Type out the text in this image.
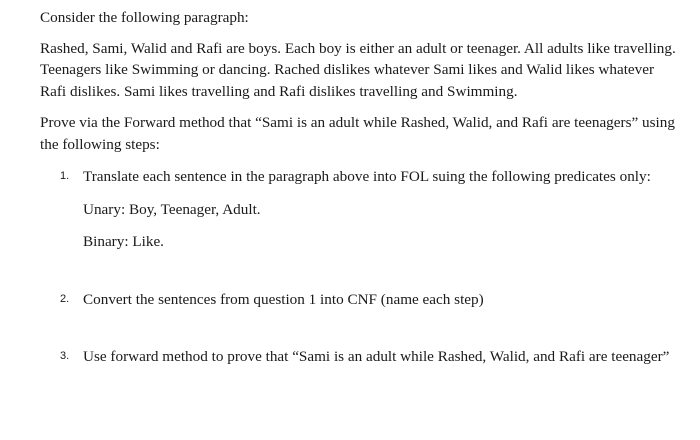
Consider the following paragraph:

Rashed, Sami, Walid and Rafi are boys. Each boy is either an adult or teenager. All adults like travelling. Teenagers like Swimming or dancing. Rached dislikes whatever Sami likes and Walid likes whatever Rafi dislikes. Sami likes travelling and Rafi dislikes travelling and Swimming.

Prove via the Forward method that “Sami is an adult while Rashed, Walid, and Rafi are teenagers” using the following steps:

1. Translate each sentence in the paragraph above into FOL suing the following predicates only:

Unary: Boy, Teenager, Adult.

Binary: Like.

2. Convert the sentences from question 1 into CNF (name each step)

3. Use forward method to prove that “Sami is an adult while Rashed, Walid, and Rafi are teenager”
